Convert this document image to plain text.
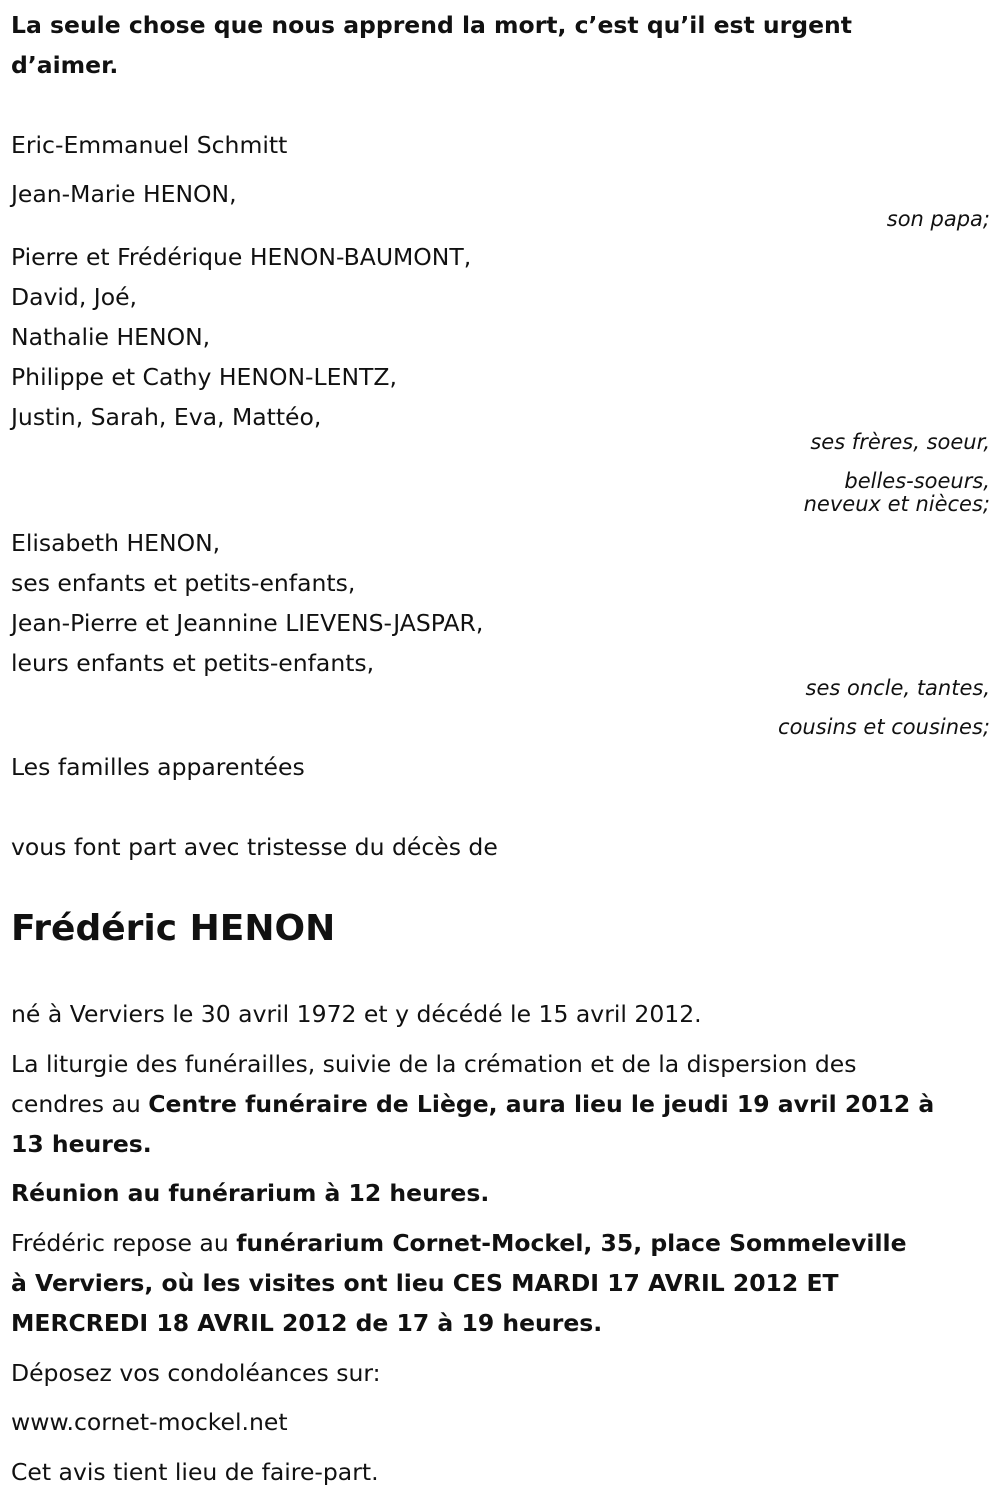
La seule chose que nous apprend la mort, c’est qu’il est urgent

d’aimer.

Eric-Emmanuel Schmitt

Jean-Marie HENON,

son papa;

Pierre et Frédérique HENON-BAUMONT,

David, Joé,

Nathalie HENON,

Philippe et Cathy HENON-LENTZ,

Justin, Sarah, Eva, Mattéo,

ses frères, soeur,

belles-soeurs,

neveux et nièces;

Elisabeth HENON,

ses enfants et petits-enfants,

Jean-Pierre et Jeannine LIEVENS-JASPAR,

leurs enfants et petits-enfants,

ses oncle, tantes,

cousins et cousines;

Les familles apparentées

vous font part avec tristesse du décès de

Frédéric HENON

né à Verviers le 30 avril 1972 et y décédé le 15 avril 2012.

La liturgie des funérailles, suivie de la crémation et de la dispersion des

cendres au Centre funéraire de Liège, aura lieu le jeudi 19 avril 2012 à

13 heures.

Réunion au funérarium à 12 heures.

Frédéric repose au funérarium Cornet-Mockel, 35, place Sommeleville

à Verviers, où les visites ont lieu CES MARDI 17 AVRIL 2012 ET

MERCREDI 18 AVRIL 2012 de 17 à 19 heures.

Déposez vos condoléances sur:

www.cornet-mockel.net

Cet avis tient lieu de faire-part.
